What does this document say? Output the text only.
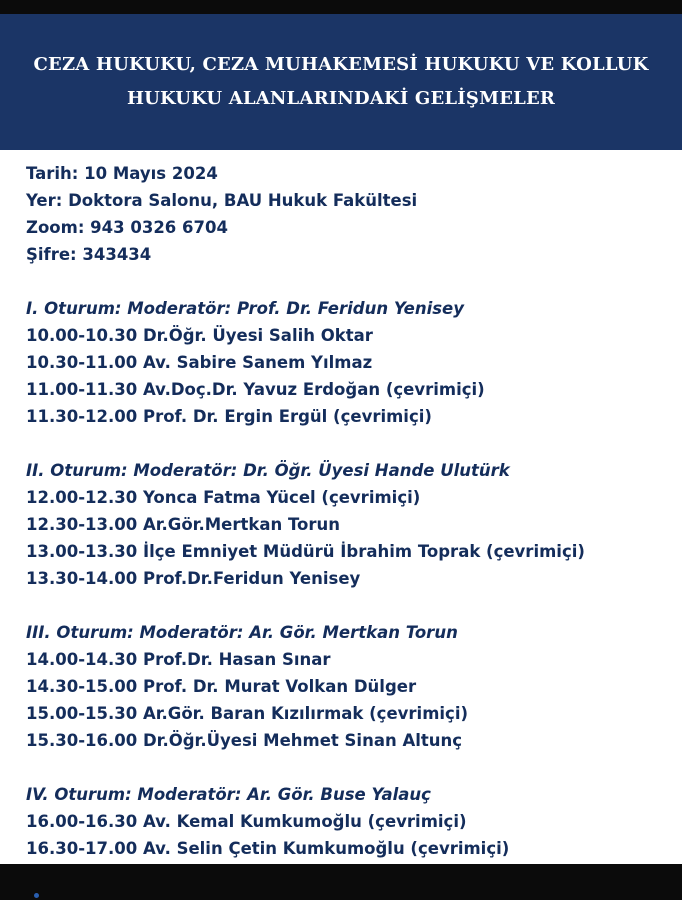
CEZA HUKUKU, CEZA MUHAKEMESİ HUKUKU VE KOLLUK
HUKUKU ALANLARINDAKİ GELİŞMELER
Tarih: 10 Mayıs 2024
Yer: Doktora Salonu, BAU Hukuk Fakültesi
Zoom: 943 0326 6704
Şifre: 343434
I. Oturum: Moderatör: Prof. Dr. Feridun Yenisey
10.00-10.30 Dr.Öğr. Üyesi Salih Oktar
10.30-11.00 Av. Sabire Sanem Yılmaz
11.00-11.30 Av.Doç.Dr. Yavuz Erdoğan (çevrimiçi)
11.30-12.00 Prof. Dr. Ergin Ergül (çevrimiçi)
II. Oturum: Moderatör: Dr. Öğr. Üyesi Hande Ulutürk
12.00-12.30 Yonca Fatma Yücel (çevrimiçi)
12.30-13.00 Ar.Gör.Mertkan Torun
13.00-13.30 İlçe Emniyet Müdürü İbrahim Toprak (çevrimiçi)
13.30-14.00 Prof.Dr.Feridun Yenisey
III. Oturum: Moderatör: Ar. Gör. Mertkan Torun
14.00-14.30 Prof.Dr. Hasan Sınar
14.30-15.00 Prof. Dr. Murat Volkan Dülger
15.00-15.30 Ar.Gör. Baran Kızılırmak (çevrimiçi)
15.30-16.00 Dr.Öğr.Üyesi Mehmet Sinan Altunç
IV. Oturum: Moderatör: Ar. Gör. Buse Yalauç
16.00-16.30 Av. Kemal Kumkumoğlu (çevrimiçi)
16.30-17.00 Av. Selin Çetin Kumkumoğlu (çevrimiçi)
